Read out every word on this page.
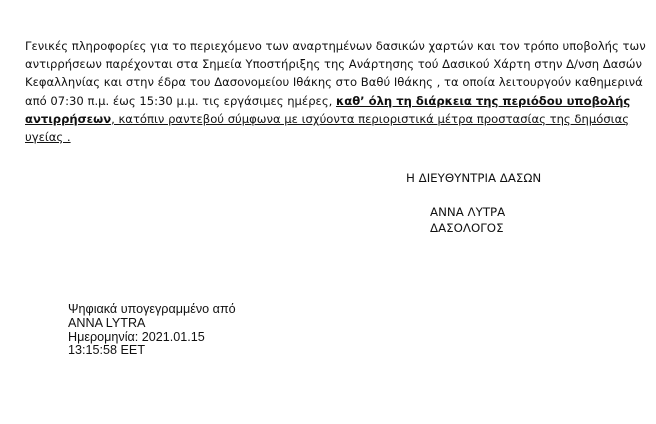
Γενικές πληροφορίες για το περιεχόμενο των αναρτημένων δασικών χαρτών και τον τρόπο υποβολής των
αντιρρήσεων παρέχονται στα Σημεία Υποστήριξης της Ανάρτησης τού Δασικού Χάρτη στην Δ/νση Δασών
Κεφαλληνίας και στην έδρα του Δασονομείου Ιθάκης στο Βαθύ Ιθάκης , τα οποία λειτουργούν καθημερινά
από 07:30 π.μ. έως 15:30 μ.μ. τις εργάσιμες ημέρες, καθ’ όλη τη διάρκεια της περιόδου υποβολής
αντιρρήσεων, κατόπιν ραντεβού σύμφωνα με ισχύοντα περιοριστικά μέτρα προστασίας της δημόσιας
υγείας .
Η ΔΙΕΥΘΥΝΤΡΙΑ ΔΑΣΩΝ
ΑΝΝΑ ΛΥΤΡΑ
ΔΑΣΟΛΟΓΟΣ
Ψηφιακά υπογεγραμμένο από
ANNA LYTRA
Ημερομηνία: 2021.01.15
13:15:58 EET
